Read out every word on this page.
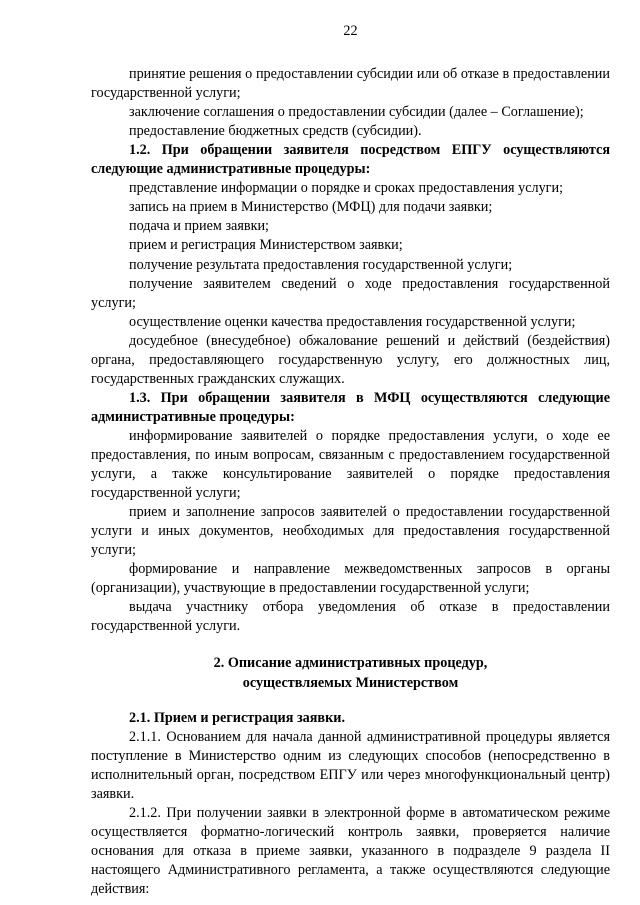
22

принятие решения о предоставлении субсидии или об отказе в предоставлении государственной услуги;

заключение соглашения о предоставлении субсидии (далее – Соглашение);

предоставление бюджетных средств (субсидии).

1.2. При обращении заявителя посредством ЕПГУ осуществляются следующие административные процедуры:

представление информации о порядке и сроках предоставления услуги;

запись на прием в Министерство (МФЦ) для подачи заявки;

подача и прием заявки;

прием и регистрация Министерством заявки;

получение результата предоставления государственной услуги;

получение заявителем сведений о ходе предоставления государственной услуги;

осуществление оценки качества предоставления государственной услуги;

досудебное (внесудебное) обжалование решений и действий (бездействия) органа, предоставляющего государственную услугу, его должностных лиц, государственных гражданских служащих.

1.3. При обращении заявителя в МФЦ осуществляются следующие административные процедуры:

информирование заявителей о порядке предоставления услуги, о ходе ее предоставления, по иным вопросам, связанным с предоставлением государственной услуги, а также консультирование заявителей о порядке предоставления государственной услуги;

прием и заполнение запросов заявителей о предоставлении государственной услуги и иных документов, необходимых для предоставления государственной услуги;

формирование и направление межведомственных запросов в органы (организации), участвующие в предоставлении государственной услуги;

выдача участнику отбора уведомления об отказе в предоставлении государственной услуги.

2. Описание административных процедур,

осуществляемых Министерством

2.1. Прием и регистрация заявки.

2.1.1. Основанием для начала данной административной процедуры является поступление в Министерство одним из следующих способов (непосредственно в исполнительный орган, посредством ЕПГУ или через многофункциональный центр) заявки.

2.1.2. При получении заявки в электронной форме в автоматическом режиме осуществляется форматно-логический контроль заявки, проверяется наличие основания для отказа в приеме заявки, указанного в подразделе 9 раздела II настоящего Административного регламента, а также осуществляются следующие действия:
